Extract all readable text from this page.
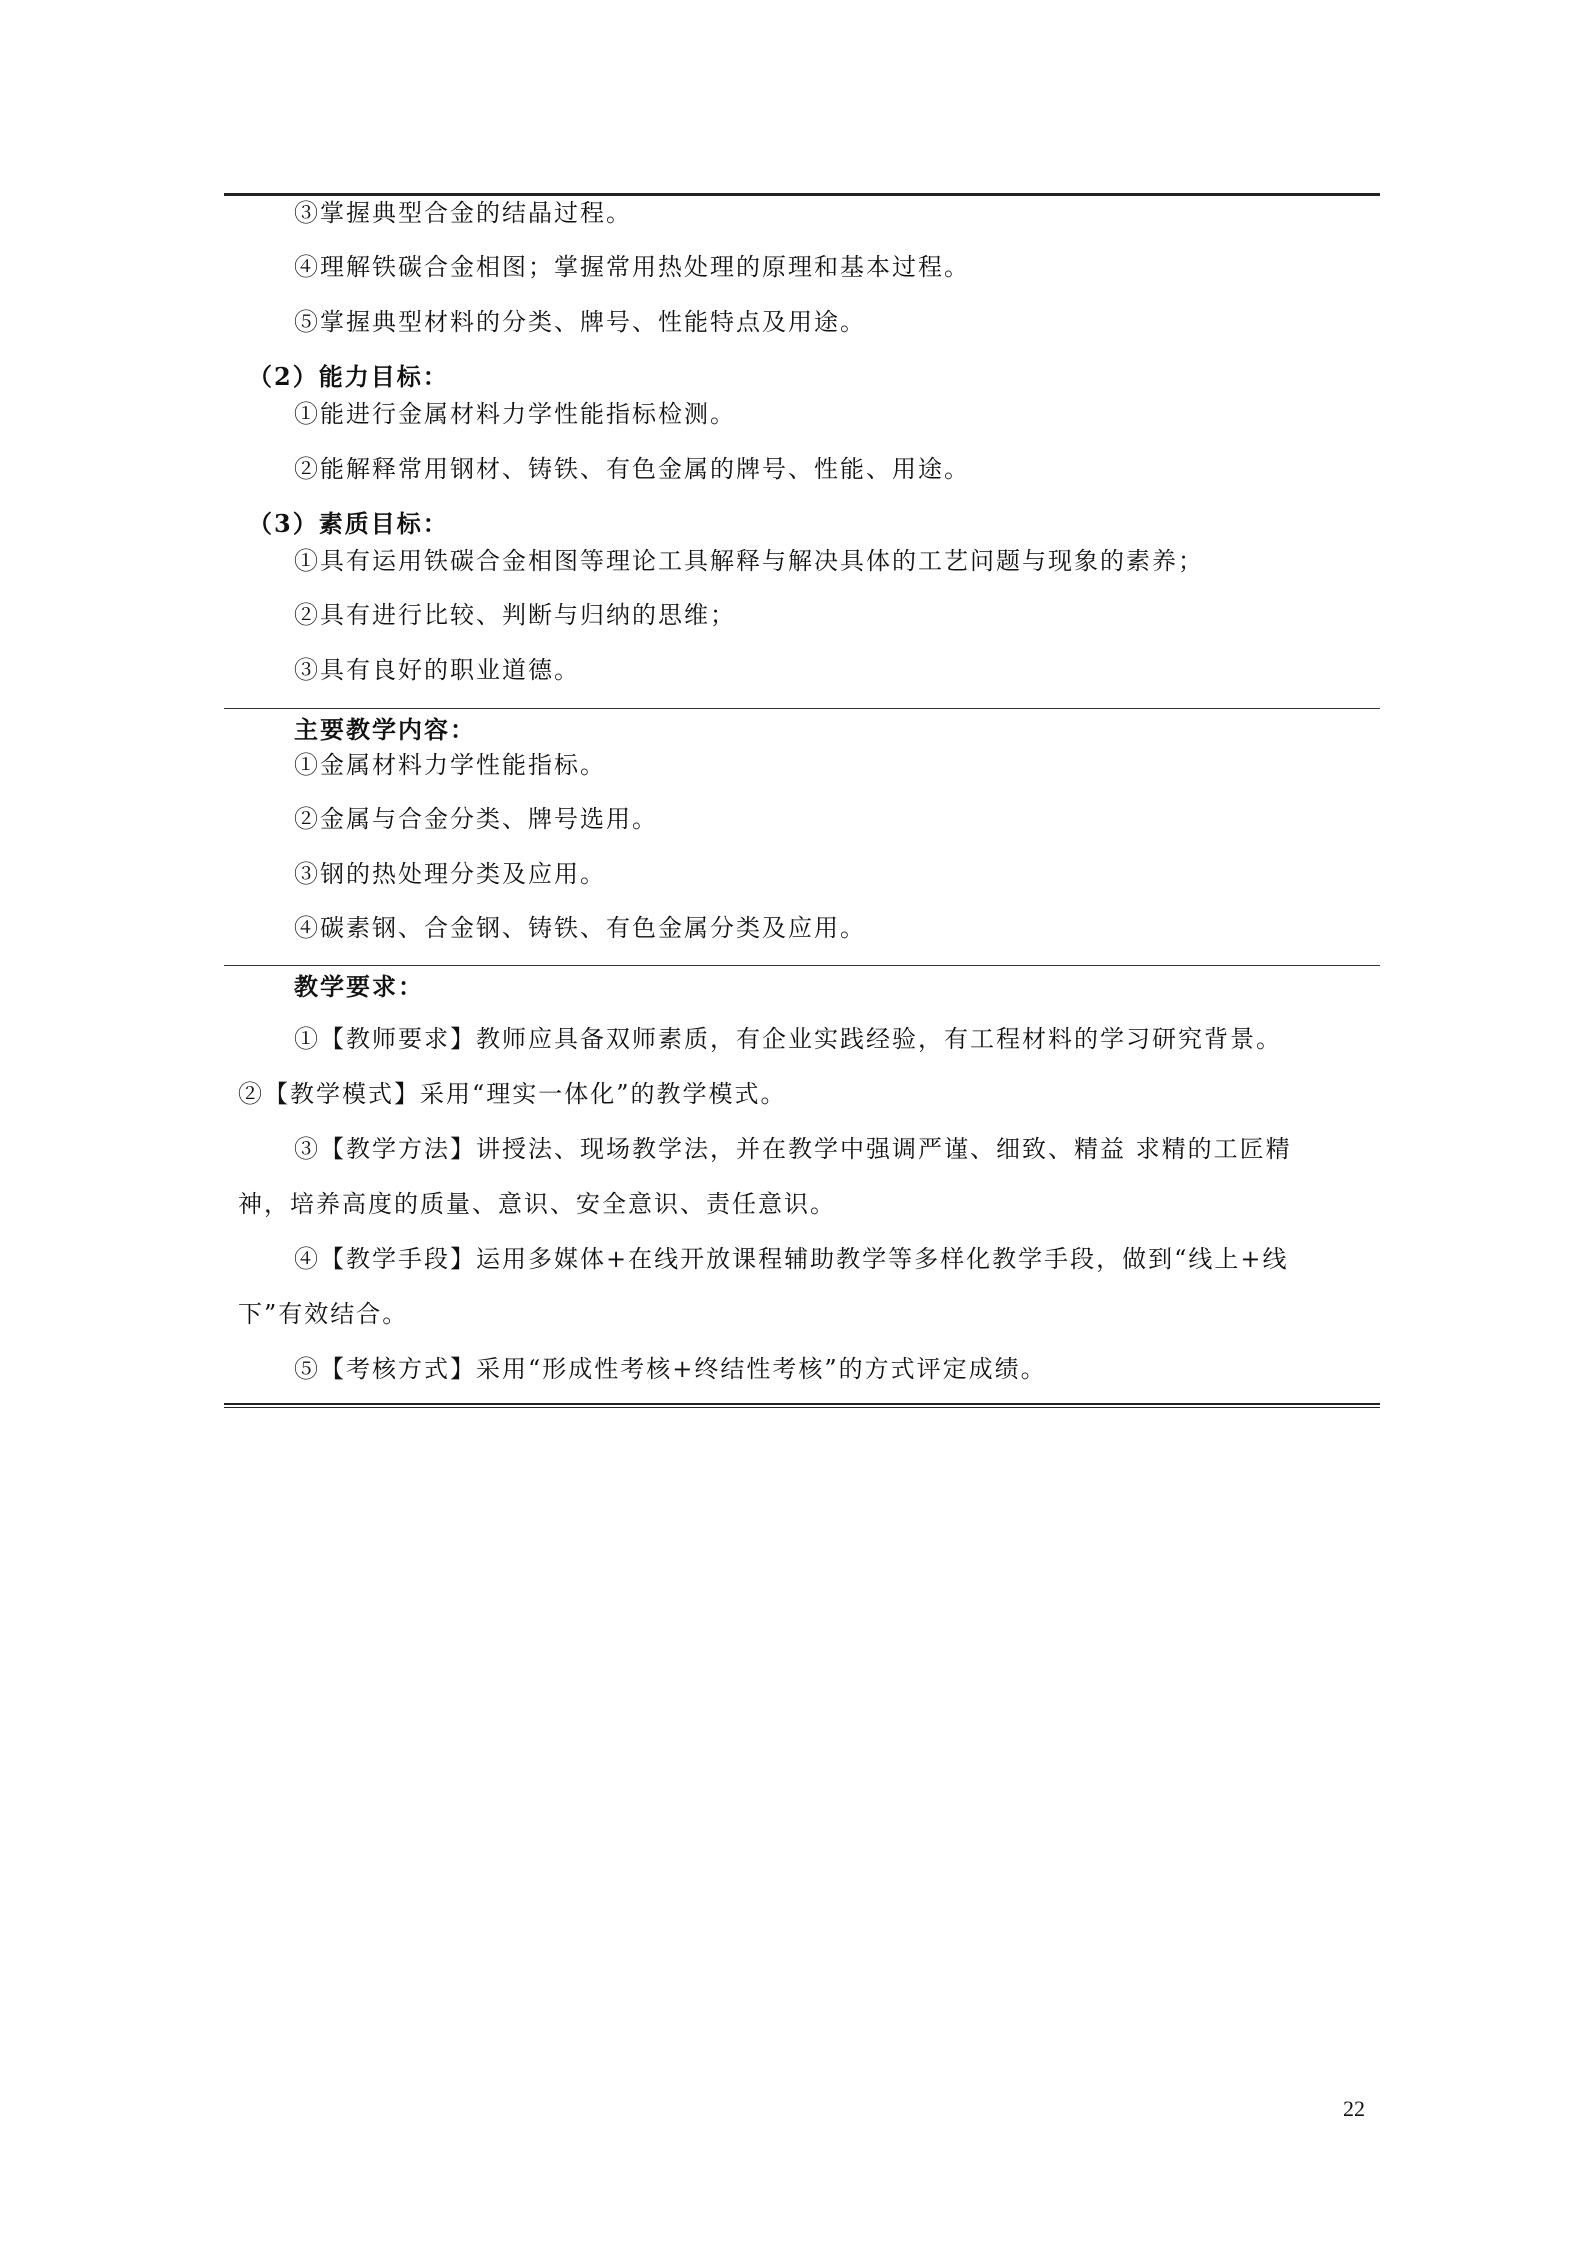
③掌握典型合金的结晶过程。
④理解铁碳合金相图；掌握常用热处理的原理和基本过程。
⑤掌握典型材料的分类、牌号、性能特点及用途。
（2）能力目标：
①能进行金属材料力学性能指标检测。
②能解释常用钢材、铸铁、有色金属的牌号、性能、用途。
（3）素质目标：
①具有运用铁碳合金相图等理论工具解释与解决具体的工艺问题与现象的素养；
②具有进行比较、判断与归纳的思维；
③具有良好的职业道德。
主要教学内容：
①金属材料力学性能指标。
②金属与合金分类、牌号选用。
③钢的热处理分类及应用。
④碳素钢、合金钢、铸铁、有色金属分类及应用。
教学要求：
①【教师要求】教师应具备双师素质，有企业实践经验，有工程材料的学习研究背景。
②【教学模式】采用“理实一体化”的教学模式。
③【教学方法】讲授法、现场教学法，并在教学中强调严谨、细致、精益 求精的工匠精
神，培养高度的质量、意识、安全意识、责任意识。
④【教学手段】运用多媒体+在线开放课程辅助教学等多样化教学手段，做到“线上+线
下”有效结合。
⑤【考核方式】采用“形成性考核+终结性考核”的方式评定成绩。
22
